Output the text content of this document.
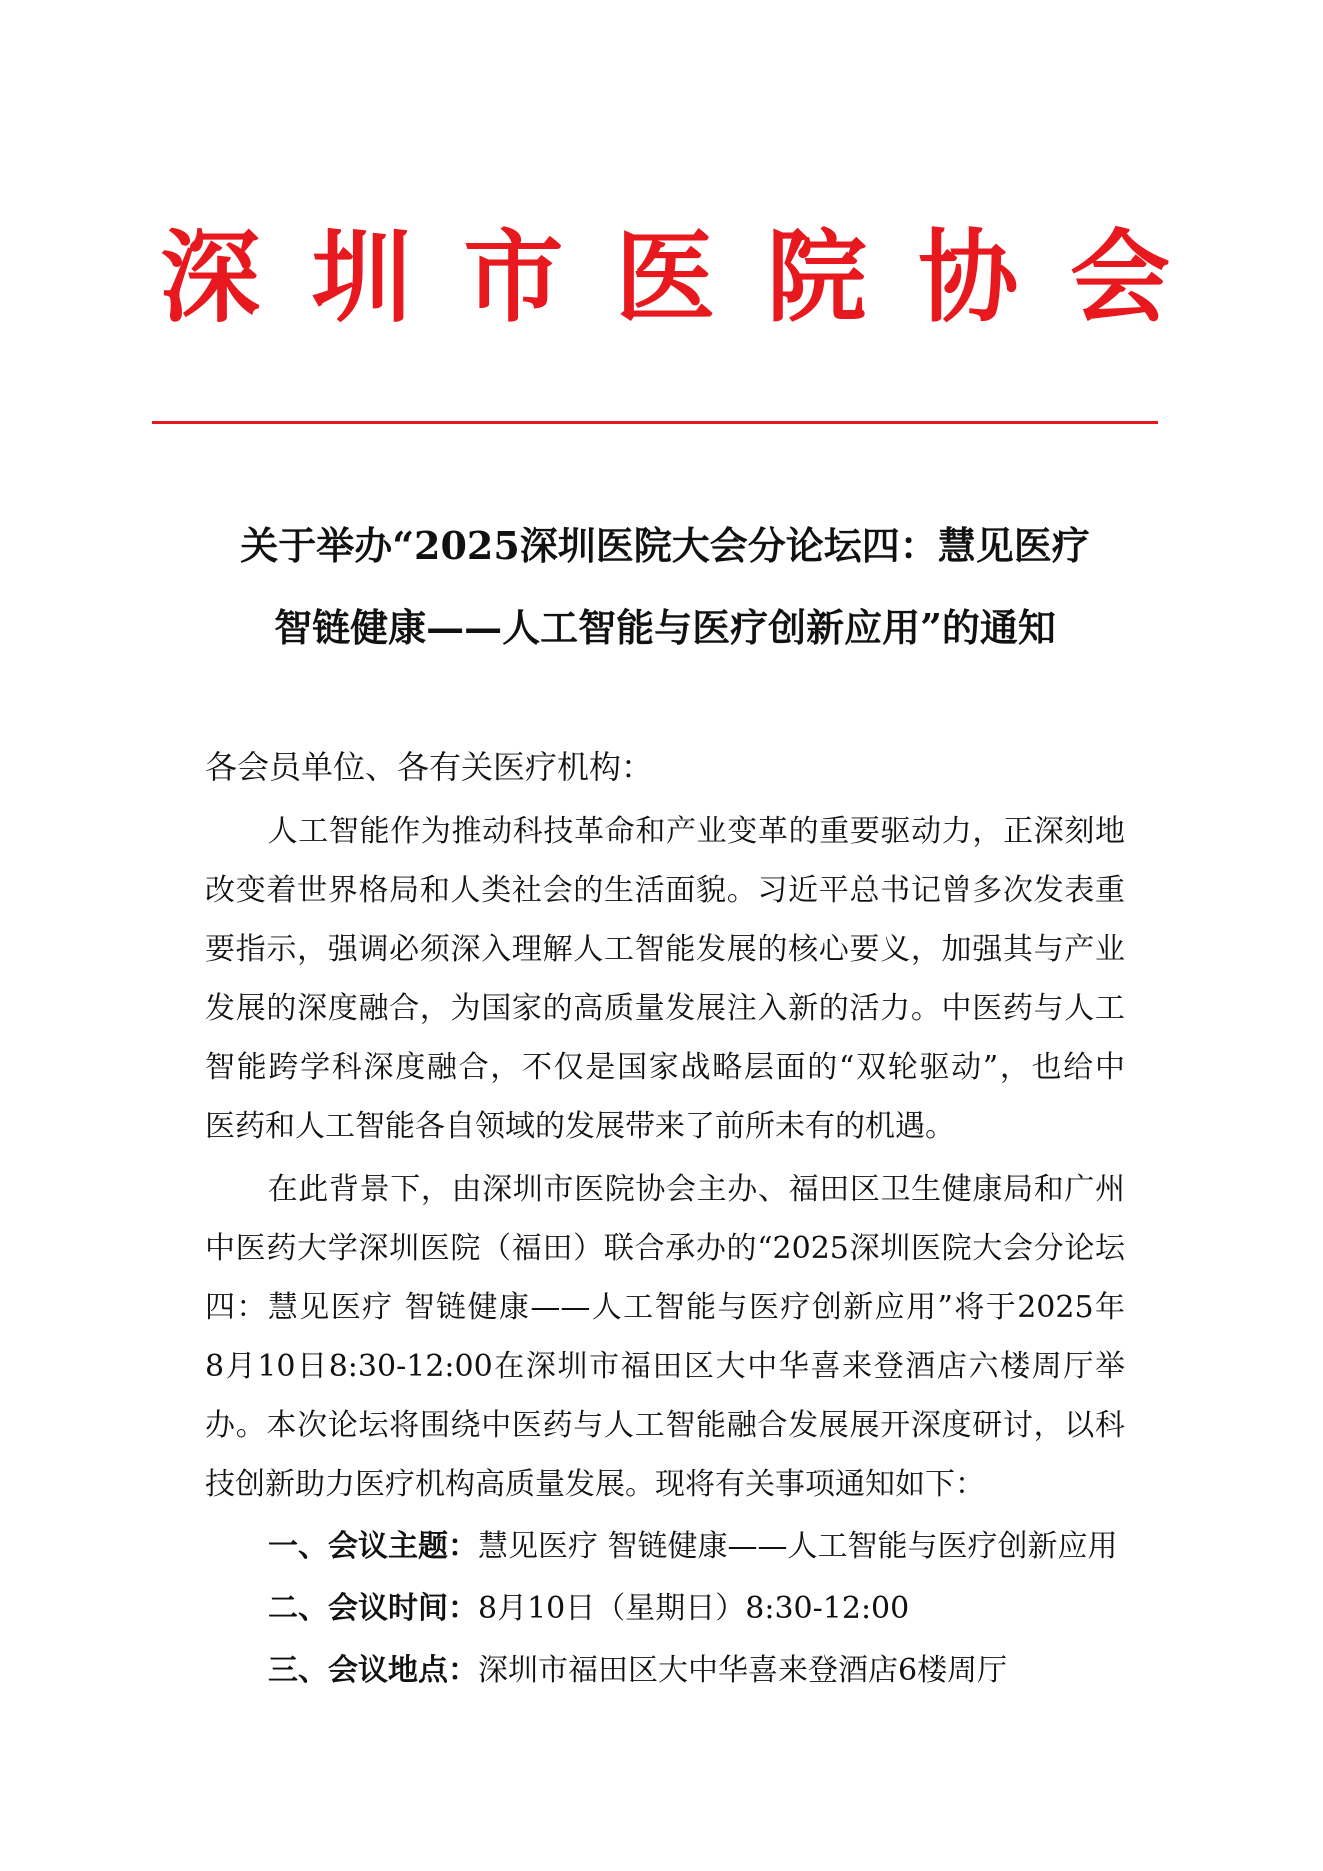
深 圳 市 医 院 协 会
关于举办“2025深圳医院大会分论坛四：慧见医疗
智链健康——人工智能与医疗创新应用”的通知
各会员单位、各有关医疗机构：
人工智能作为推动科技革命和产业变革的重要驱动力，正深刻地
改变着世界格局和人类社会的生活面貌。习近平总书记曾多次发表重
要指示，强调必须深入理解人工智能发展的核心要义，加强其与产业
发展的深度融合，为国家的高质量发展注入新的活力。中医药与人工
智能跨学科深度融合，不仅是国家战略层面的“双轮驱动”，也给中
医药和人工智能各自领域的发展带来了前所未有的机遇。
在此背景下，由深圳市医院协会主办、福田区卫生健康局和广州
中医药大学深圳医院（福田）联合承办的“2025深圳医院大会分论坛
四：慧见医疗 智链健康——人工智能与医疗创新应用”将于2025年
8月10日8:30-12:00在深圳市福田区大中华喜来登酒店六楼周厅举
办。本次论坛将围绕中医药与人工智能融合发展展开深度研讨，以科
技创新助力医疗机构高质量发展。现将有关事项通知如下：
一、会议主题：慧见医疗 智链健康——人工智能与医疗创新应用
二、会议时间：8月10日（星期日）8:30-12:00
三、会议地点：深圳市福田区大中华喜来登酒店6楼周厅
